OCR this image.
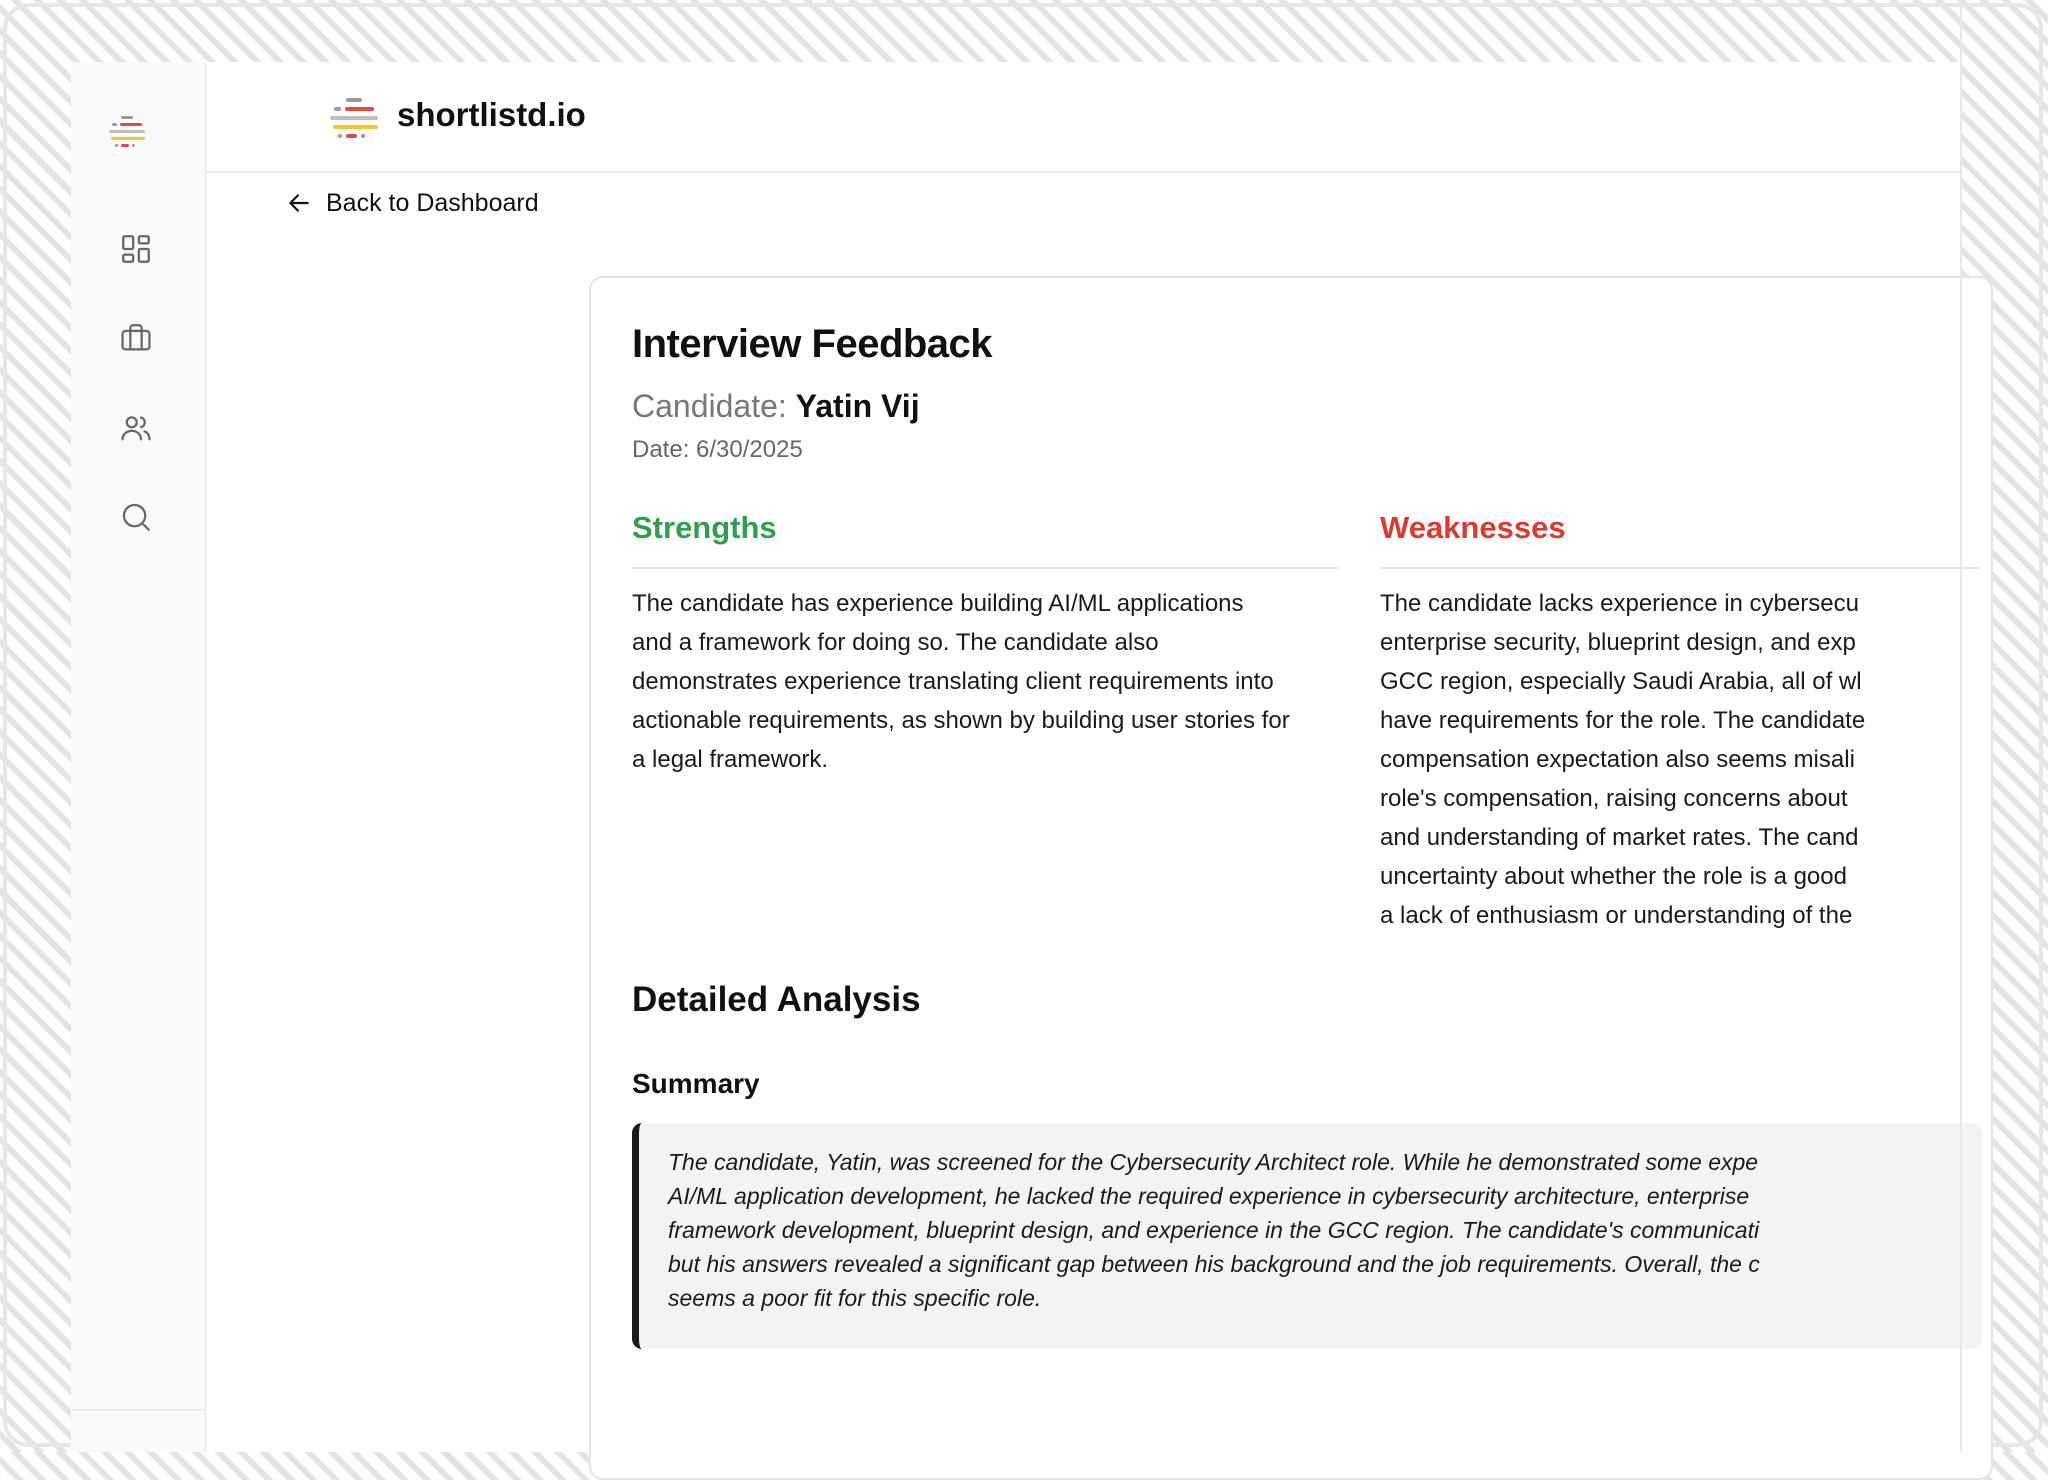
shortlistd.io
Back to Dashboard
Interview Feedback
Candidate: Yatin Vij
Date: 6/30/2025
Strengths
The candidate has experience building AI/ML applications
and a framework for doing so. The candidate also
demonstrates experience translating client requirements into
actionable requirements, as shown by building user stories for
a legal framework.
Weaknesses
The candidate lacks experience in cybersecu
enterprise security, blueprint design, and exp
GCC region, especially Saudi Arabia, all of wl
have requirements for the role. The candidate
compensation expectation also seems misali
role's compensation, raising concerns about
and understanding of market rates. The cand
uncertainty about whether the role is a good
a lack of enthusiasm or understanding of the
Detailed Analysis
Summary
The candidate, Yatin, was screened for the Cybersecurity Architect role. While he demonstrated some expe
AI/ML application development, he lacked the required experience in cybersecurity architecture, enterprise
framework development, blueprint design, and experience in the GCC region. The candidate's communicati
but his answers revealed a significant gap between his background and the job requirements. Overall, the c
seems a poor fit for this specific role.
